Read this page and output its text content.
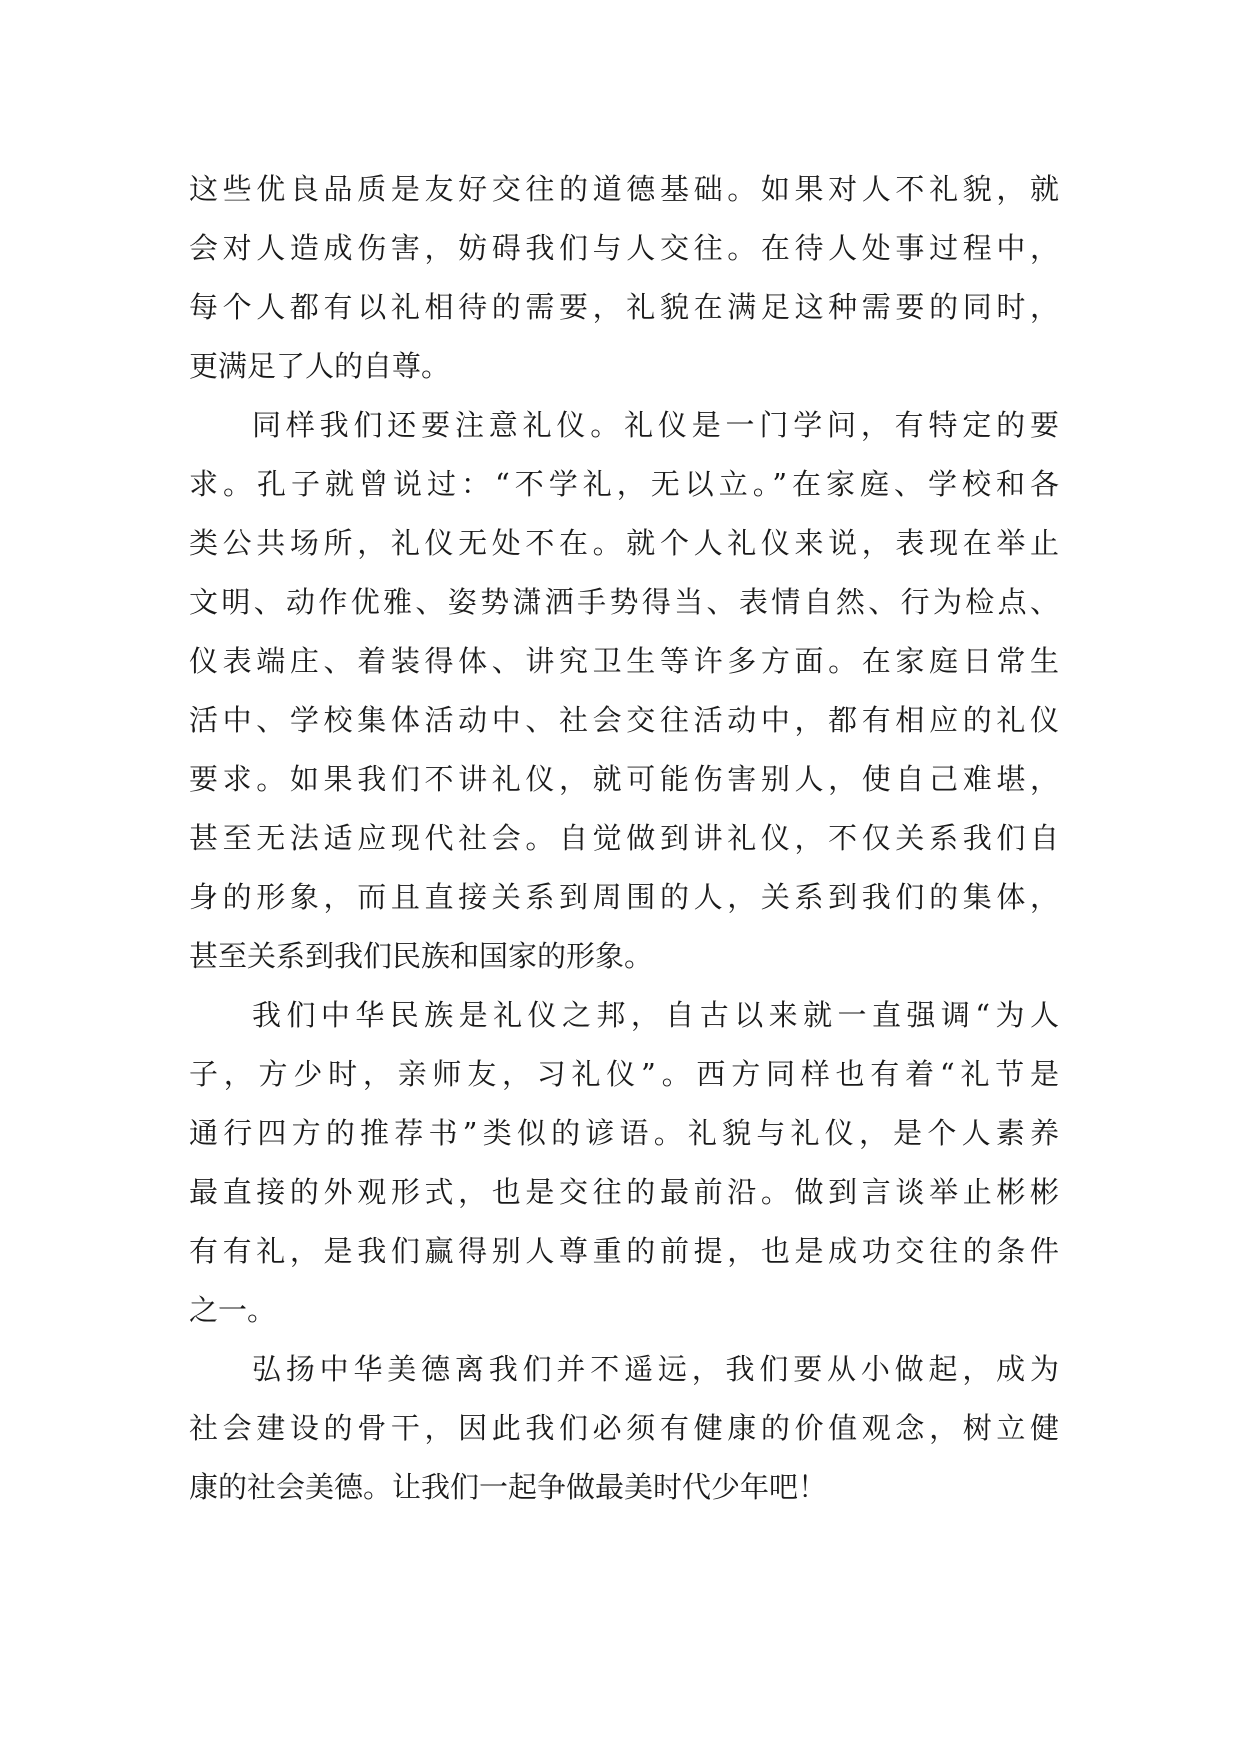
这些优良品质是友好交往的道德基础。如果对人不礼貌，就
会对人造成伤害，妨碍我们与人交往。在待人处事过程中，
每个人都有以礼相待的需要，礼貌在满足这种需要的同时，
更满足了人的自尊。
同样我们还要注意礼仪。礼仪是一门学问，有特定的要
求。孔子就曾说过：“不学礼，无以立。”在家庭、学校和各
类公共场所，礼仪无处不在。就个人礼仪来说，表现在举止
文明、动作优雅、姿势潇洒手势得当、表情自然、行为检点、
仪表端庄、着装得体、讲究卫生等许多方面。在家庭日常生
活中、学校集体活动中、社会交往活动中，都有相应的礼仪
要求。如果我们不讲礼仪，就可能伤害别人，使自己难堪，
甚至无法适应现代社会。自觉做到讲礼仪，不仅关系我们自
身的形象，而且直接关系到周围的人，关系到我们的集体，
甚至关系到我们民族和国家的形象。
我们中华民族是礼仪之邦，自古以来就一直强调“为人
子，方少时，亲师友，习礼仪”。西方同样也有着“礼节是
通行四方的推荐书”类似的谚语。礼貌与礼仪，是个人素养
最直接的外观形式，也是交往的最前沿。做到言谈举止彬彬
有有礼，是我们赢得别人尊重的前提，也是成功交往的条件
之一。
弘扬中华美德离我们并不遥远，我们要从小做起，成为
社会建设的骨干，因此我们必须有健康的价值观念，树立健
康的社会美德。让我们一起争做最美时代少年吧！
